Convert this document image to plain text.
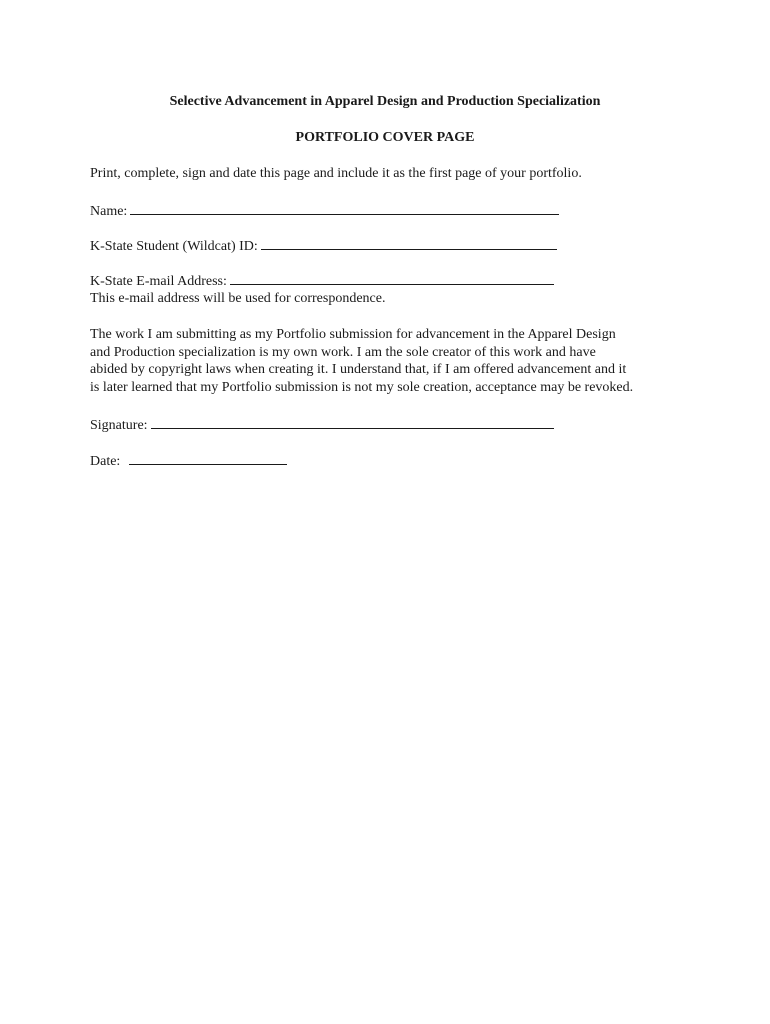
Selective Advancement in Apparel Design and Production Specialization
PORTFOLIO COVER PAGE
Print, complete, sign and date this page and include it as the first page of your portfolio.
Name:
K-State Student (Wildcat) ID:
K-State E-mail Address:
This e-mail address will be used for correspondence.
The work I am submitting as my Portfolio submission for advancement in the Apparel Design
and Production specialization is my own work. I am the sole creator of this work and have
abided by copyright laws when creating it. I understand that, if I am offered advancement and it
is later learned that my Portfolio submission is not my sole creation, acceptance may be revoked.
Signature:
Date:
